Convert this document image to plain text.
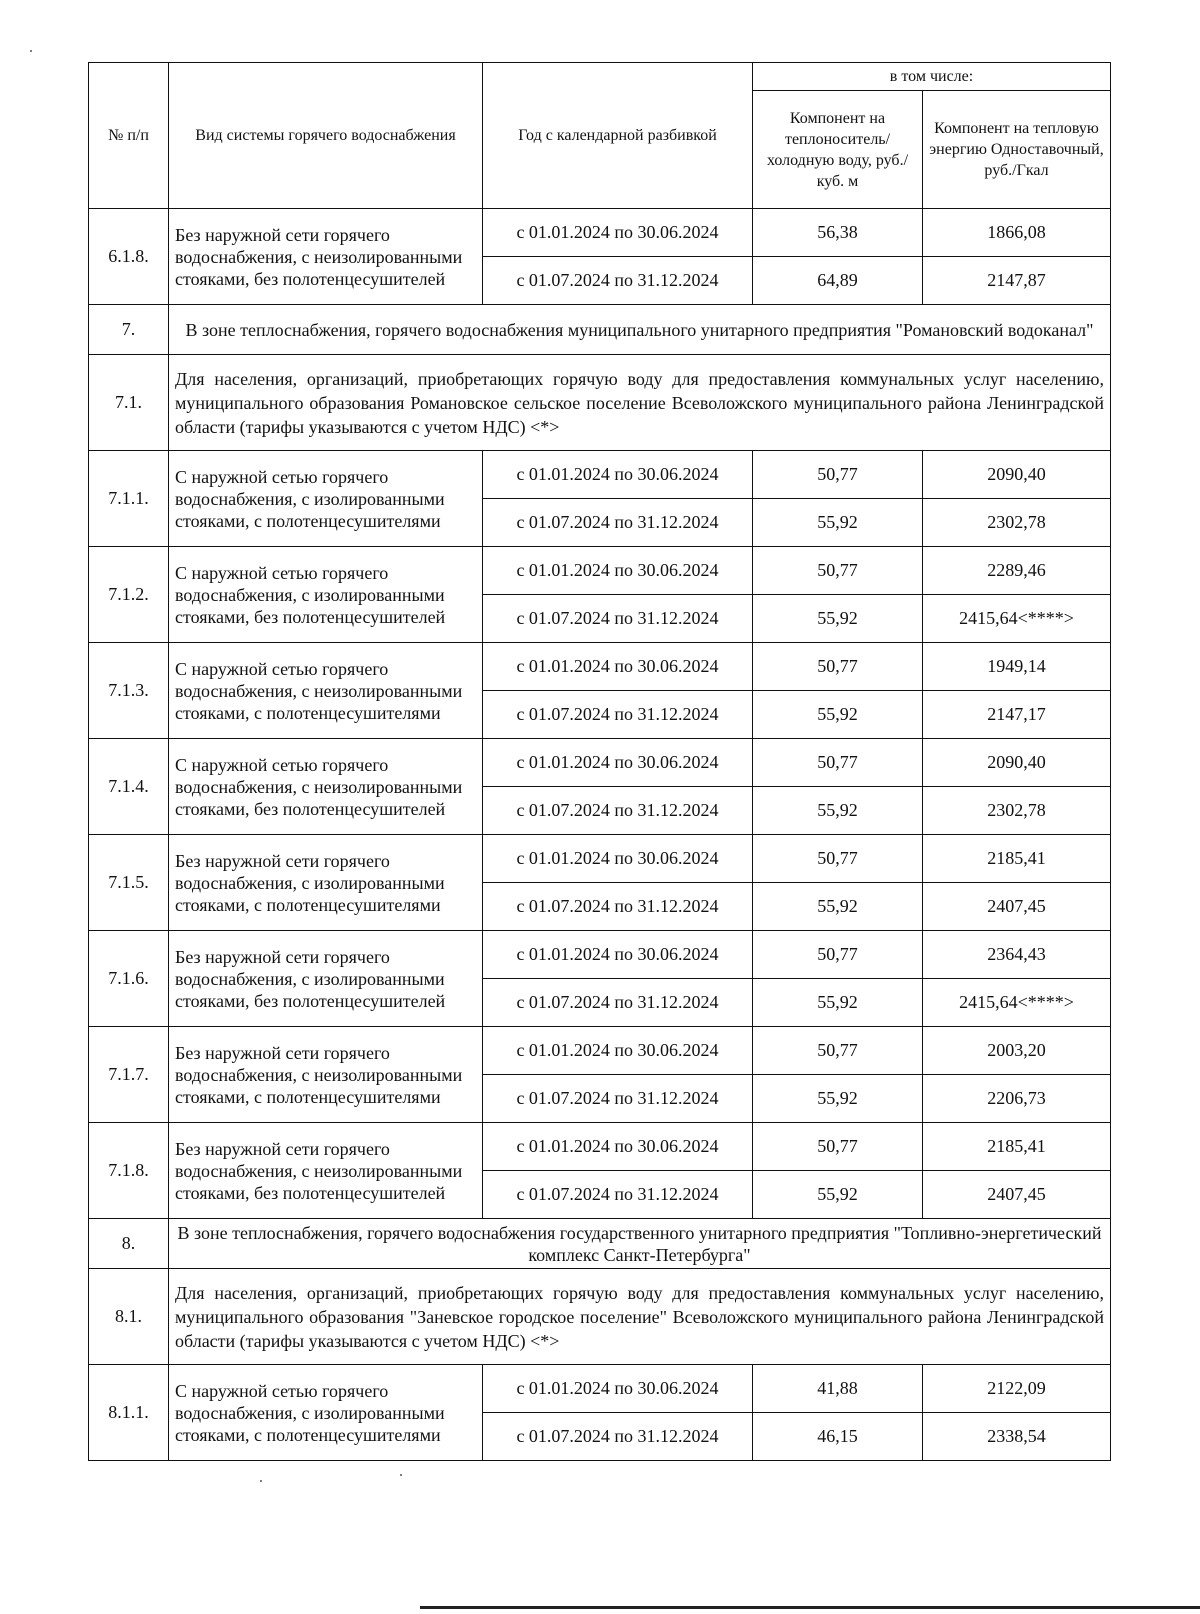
№ п/п	Вид системы горячего водоснабжения	Год с календарной разбивкой	в том числе:	
			Компонент на теплоноситель/ холодную воду, руб./куб. м	Компонент на тепловую энергию Одноставочный, руб./Гкал
6.1.8.	Без наружной сети горячего водоснабжения, с неизолированными стояками, без полотенцесушителей	с 01.01.2024 по 30.06.2024	56,38	1866,08
		с 01.07.2024 по 31.12.2024	64,89	2147,87
7.	В зоне теплоснабжения, горячего водоснабжения муниципального унитарного предприятия "Романовский водоканал"			
7.1.	Для населения, организаций, приобретающих горячую воду для предоставления коммунальных услуг населению, муниципального образования Романовское сельское поселение Всеволожского муниципального района Ленинградской области (тарифы указываются с учетом НДС) <*>			
7.1.1.	С наружной сетью горячего водоснабжения, с изолированными стояками, с полотенцесушителями	с 01.01.2024 по 30.06.2024	50,77	2090,40
		с 01.07.2024 по 31.12.2024	55,92	2302,78
7.1.2.	С наружной сетью горячего водоснабжения, с изолированными стояками, без полотенцесушителей	с 01.01.2024 по 30.06.2024	50,77	2289,46
		с 01.07.2024 по 31.12.2024	55,92	2415,64<****>
7.1.3.	С наружной сетью горячего водоснабжения, с неизолированными стояками, с полотенцесушителями	с 01.01.2024 по 30.06.2024	50,77	1949,14
		с 01.07.2024 по 31.12.2024	55,92	2147,17
7.1.4.	С наружной сетью горячего водоснабжения, с неизолированными стояками, без полотенцесушителей	с 01.01.2024 по 30.06.2024	50,77	2090,40
		с 01.07.2024 по 31.12.2024	55,92	2302,78
7.1.5.	Без наружной сети горячего водоснабжения, с изолированными стояками, с полотенцесушителями	с 01.01.2024 по 30.06.2024	50,77	2185,41
		с 01.07.2024 по 31.12.2024	55,92	2407,45
7.1.6.	Без наружной сети горячего водоснабжения, с изолированными стояками, без полотенцесушителей	с 01.01.2024 по 30.06.2024	50,77	2364,43
		с 01.07.2024 по 31.12.2024	55,92	2415,64<****>
7.1.7.	Без наружной сети горячего водоснабжения, с неизолированными стояками, с полотенцесушителями	с 01.01.2024 по 30.06.2024	50,77	2003,20
		с 01.07.2024 по 31.12.2024	55,92	2206,73
7.1.8.	Без наружной сети горячего водоснабжения, с неизолированными стояками, без полотенцесушителей	с 01.01.2024 по 30.06.2024	50,77	2185,41
		с 01.07.2024 по 31.12.2024	55,92	2407,45
8.	В зоне теплоснабжения, горячего водоснабжения государственного унитарного предприятия "Топливно-энергетический комплекс Санкт-Петербурга"			
8.1.	Для населения, организаций, приобретающих горячую воду для предоставления коммунальных услуг населению, муниципального образования "Заневское городское поселение" Всеволожского муниципального района Ленинградской области (тарифы указываются с учетом НДС) <*>			
8.1.1.	С наружной сетью горячего водоснабжения, с изолированными стояками, с полотенцесушителями	с 01.01.2024 по 30.06.2024	41,88	2122,09
		с 01.07.2024 по 31.12.2024	46,15	2338,54
